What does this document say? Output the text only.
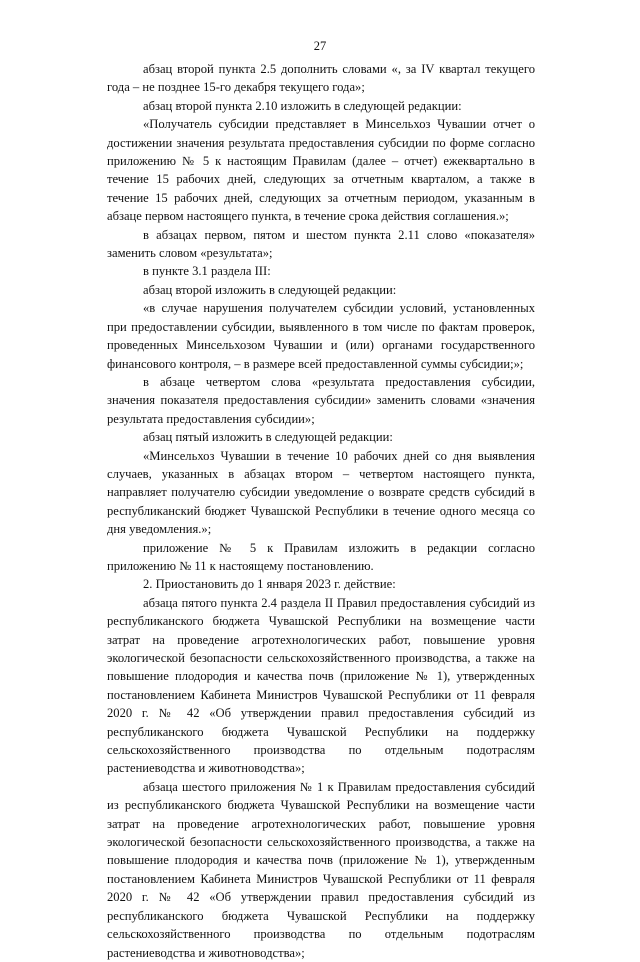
27

абзац второй пункта 2.5 дополнить словами «, за IV квартал текущего года – не позднее 15-го декабря текущего года»;

абзац второй пункта 2.10 изложить в следующей редакции:

«Получатель субсидии представляет в Минсельхоз Чувашии отчет о достижении значения результата предоставления субсидии по форме согласно приложению № 5 к настоящим Правилам (далее – отчет) ежеквартально в течение 15 рабочих дней, следующих за отчетным кварталом, а также в течение 15 рабочих дней, следующих за отчетным периодом, указанным в абзаце первом настоящего пункта, в течение срока действия соглашения.»;

в абзацах первом, пятом и шестом пункта 2.11 слово «показателя» заменить словом «результата»;

в пункте 3.1 раздела III:

абзац второй изложить в следующей редакции:

«в случае нарушения получателем субсидии условий, установленных при предоставлении субсидии, выявленного в том числе по фактам проверок, проведенных Минсельхозом Чувашии и (или) органами государственного финансового контроля, – в размере всей предоставленной суммы субсидии;»;

в абзаце четвертом слова «результата предоставления субсидии, значения показателя предоставления субсидии» заменить словами «значения результата предоставления субсидии»;

абзац пятый изложить в следующей редакции:

«Минсельхоз Чувашии в течение 10 рабочих дней со дня выявления случаев, указанных в абзацах втором – четвертом настоящего пункта, направляет получателю субсидии уведомление о возврате средств субсидий в республиканский бюджет Чувашской Республики в течение одного месяца со дня уведомления.»;

приложение № 5 к Правилам изложить в редакции согласно приложению № 11 к настоящему постановлению.

2. Приостановить до 1 января 2023 г. действие:

абзаца пятого пункта 2.4 раздела II Правил предоставления субсидий из республиканского бюджета Чувашской Республики на возмещение части затрат на проведение агротехнологических работ, повышение уровня экологической безопасности сельскохозяйственного производства, а также на повышение плодородия и качества почв (приложение № 1), утвержденных постановлением Кабинета Министров Чувашской Республики от 11 февраля 2020 г. № 42 «Об утверждении правил предоставления субсидий из республиканского бюджета Чувашской Республики на поддержку сельскохозяйственного производства по отдельным подотраслям растениеводства и животноводства»;

абзаца шестого приложения № 1 к Правилам предоставления субсидий из республиканского бюджета Чувашской Республики на возмещение части затрат на проведение агротехнологических работ, повышение уровня экологической безопасности сельскохозяйственного производства, а также на повышение плодородия и качества почв (приложение № 1), утвержденным постановлением Кабинета Министров Чувашской Республики от 11 февраля 2020 г. № 42 «Об утверждении правил предоставления субсидий из республиканского бюджета Чувашской Республики на поддержку сельскохозяйственного производства по отдельным подотраслям растениеводства и животноводства»;
